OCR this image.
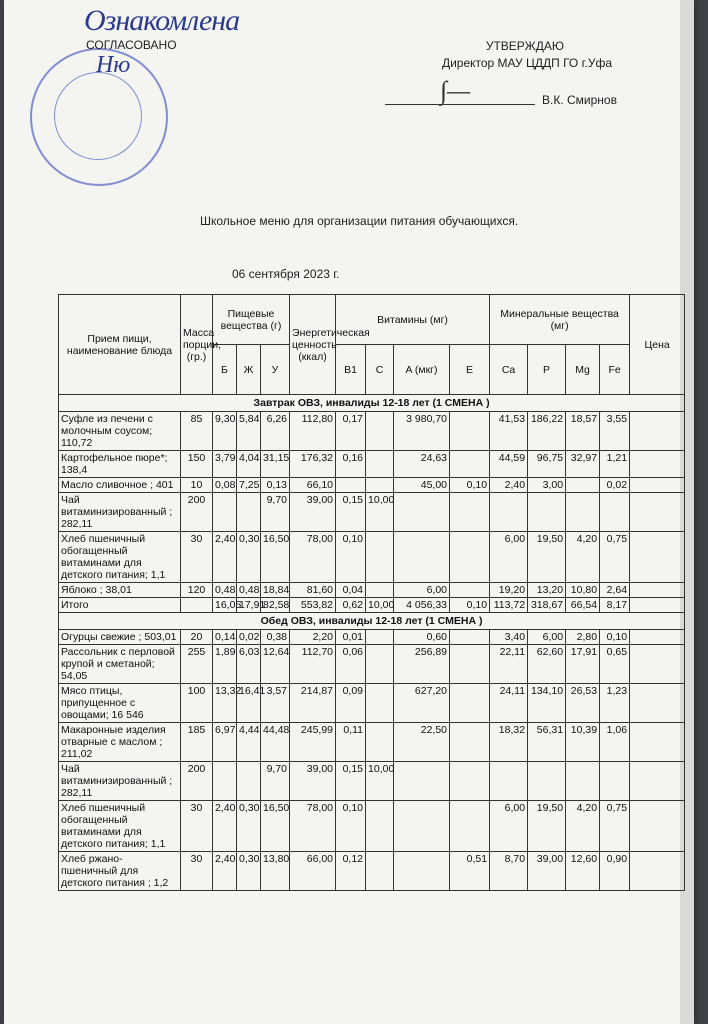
Ознакомлена
СОГЛАСОВАНО
Ню
УТВЕРЖДАЮ
Директор МАУ ЦДДП ГО г.Уфа
∫—	В.К. Смирнов
Школьное меню для организации питания обучающихся.
06 сентября 2023 г.
Прием пищи, наименование блюда	Масса порции, (гр.)	Пищевые вещества (г)			Энергетическая ценность (ккал)	Витамины (мг)				Минеральные вещества (мг)				Цена
		Б	Ж	У		B1	C	A (мкг)	E	Ca	P	Mg	Fe	
Завтрак ОВЗ, инвалиды 12-18 лет (1 СМЕНА )														
Суфле из печени с молочным соусом; 110,72	85	9,30	5,84	6,26	112,80	0,17		3 980,70		41,53	186,22	18,57	3,55	
Картофельное пюре*; 138,4	150	3,79	4,04	31,15	176,32	0,16		24,63		44,59	96,75	32,97	1,21	
Масло сливочное ; 401	10	0,08	7,25	0,13	66,10			45,00	0,10	2,40	3,00		0,02	
Чай витаминизированный ; 282,11	200			9,70	39,00	0,15	10,00							
Хлеб пшеничный обогащенный витаминами для детского питания; 1,1	30	2,40	0,30	16,50	78,00	0,10				6,00	19,50	4,20	0,75	
Яблоко ; 38,01	120	0,48	0,48	18,84	81,60	0,04		6,00		19,20	13,20	10,80	2,64	
Итого		16,05	17,91	82,58	553,82	0,62	10,00	4 056,33	0,10	113,72	318,67	66,54	8,17	
Обед ОВЗ, инвалиды 12-18 лет (1 СМЕНА )														
Огурцы свежие ; 503,01	20	0,14	0,02	0,38	2,20	0,01		0,60		3,40	6,00	2,80	0,10	
Рассольник с перловой крупой и сметаной; 54,05	255	1,89	6,03	12,64	112,70	0,06		256,89		22,11	62,60	17,91	0,65	
Мясо птицы, припущенное с овощами; 16 546	100	13,32	16,41	3,57	214,87	0,09		627,20		24,11	134,10	26,53	1,23	
Макаронные изделия отварные с маслом ; 211,02	185	6,97	4,44	44,48	245,99	0,11		22,50		18,32	56,31	10,39	1,06	
Чай витаминизированный ; 282,11	200			9,70	39,00	0,15	10,00							
Хлеб пшеничный обогащенный витаминами для детского питания; 1,1	30	2,40	0,30	16,50	78,00	0,10				6,00	19,50	4,20	0,75	
Хлеб ржано-пшеничный для детского питания ; 1,2	30	2,40	0,30	13,80	66,00	0,12			0,51	8,70	39,00	12,60	0,90	
